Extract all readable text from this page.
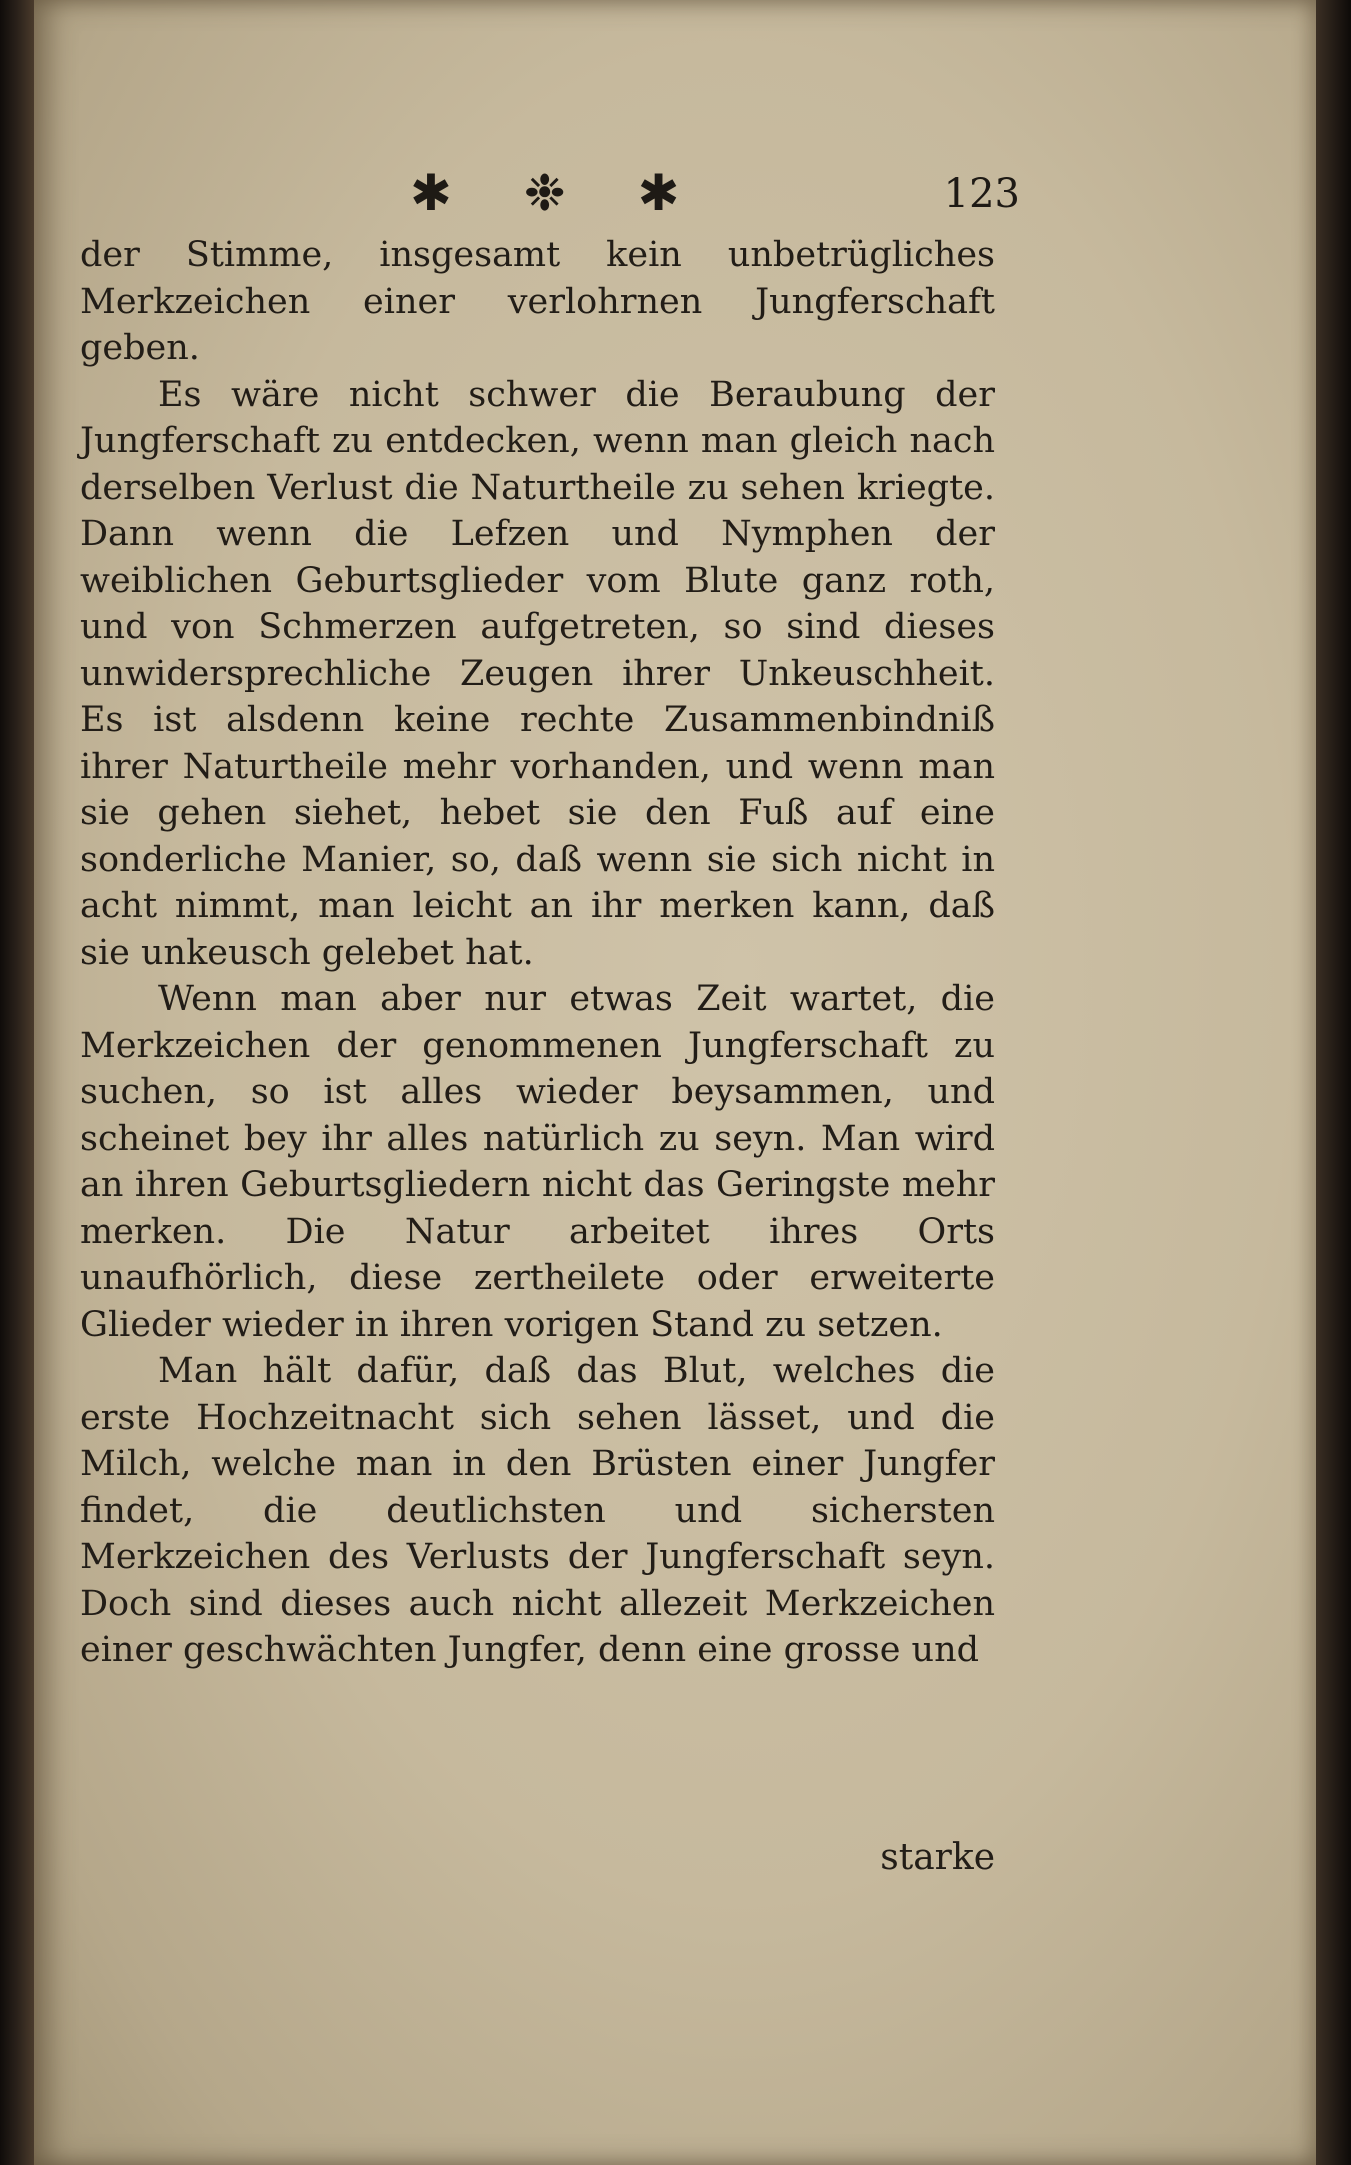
✱ ❉ ✱	123

der Stimme, insgesamt kein unbetrügliches Merkzeichen einer verlohrnen Jungferschaft geben.

Es wäre nicht schwer die Beraubung der Jungferschaft zu entdecken, wenn man gleich nach derselben Verlust die Naturtheile zu sehen kriegte. Dann wenn die Lefzen und Nymphen der weiblichen Geburtsglieder vom Blute ganz roth, und von Schmerzen aufgetreten, so sind dieses unwidersprechliche Zeugen ihrer Unkeuschheit. Es ist alsdenn keine rechte Zusammenbindniß ihrer Naturtheile mehr vorhanden, und wenn man sie gehen siehet, hebet sie den Fuß auf eine sonderliche Manier, so, daß wenn sie sich nicht in acht nimmt, man leicht an ihr merken kann, daß sie unkeusch gelebet hat.

Wenn man aber nur etwas Zeit wartet, die Merkzeichen der genommenen Jungferschaft zu suchen, so ist alles wieder beysammen, und scheinet bey ihr alles natürlich zu seyn. Man wird an ihren Geburtsgliedern nicht das Geringste mehr merken. Die Natur arbeitet ihres Orts unaufhörlich, diese zertheilete oder erweiterte Glieder wieder in ihren vorigen Stand zu setzen.

Man hält dafür, daß das Blut, welches die erste Hochzeitnacht sich sehen lässet, und die Milch, welche man in den Brüsten einer Jungfer findet, die deutlichsten und sichersten Merkzeichen des Verlusts der Jungferschaft seyn. Doch sind dieses auch nicht allezeit Merkzeichen einer geschwächten Jungfer, denn eine grosse und

starke
